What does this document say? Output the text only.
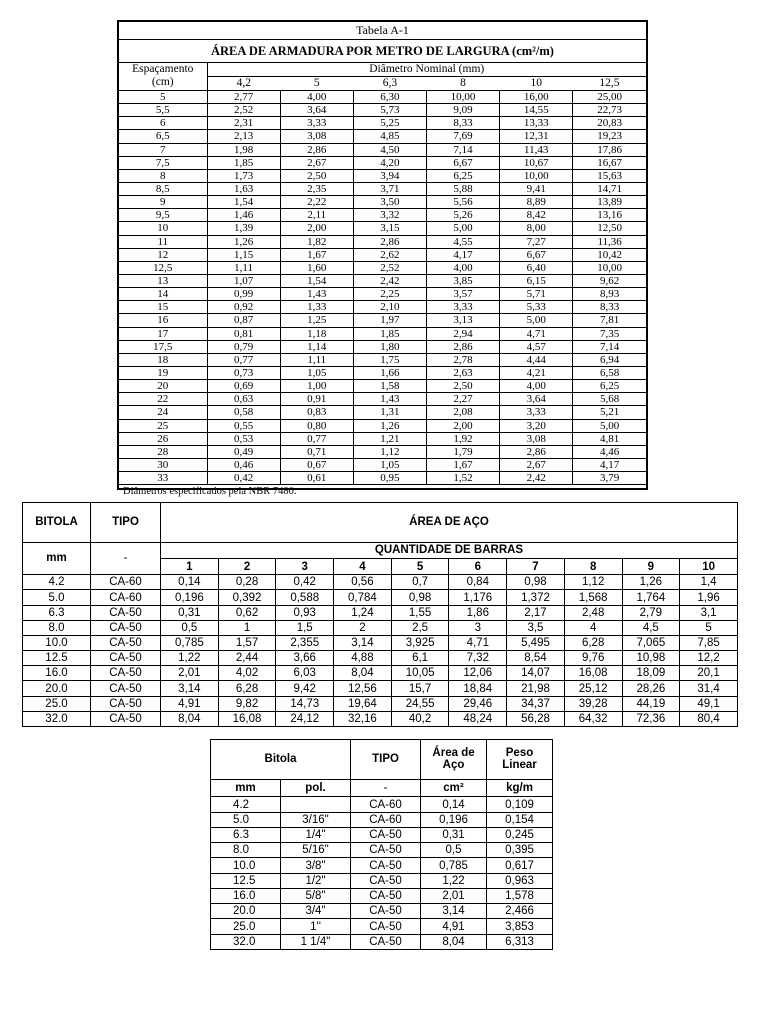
Tabela A-1						
ÁREA DE ARMADURA POR METRO DE LARGURA (cm²/m)						

Espaçamento
(cm)	Diâmetro Nominal (mm)					
	4,2	5	6,3	8	10	12,5
5	2,77	4,00	6,30	10,00	16,00	25,00
5,5	2,52	3,64	5,73	9,09	14,55	22,73
6	2,31	3,33	5,25	8,33	13,33	20,83
6,5	2,13	3,08	4,85	7,69	12,31	19,23
7	1,98	2,86	4,50	7,14	11,43	17,86
7,5	1,85	2,67	4,20	6,67	10,67	16,67
8	1,73	2,50	3,94	6,25	10,00	15,63
8,5	1,63	2,35	3,71	5,88	9,41	14,71
9	1,54	2,22	3,50	5,56	8,89	13,89
9,5	1,46	2,11	3,32	5,26	8,42	13,16
10	1,39	2,00	3,15	5,00	8,00	12,50
11	1,26	1,82	2,86	4,55	7,27	11,36
12	1,15	1,67	2,62	4,17	6,67	10,42
12,5	1,11	1,60	2,52	4,00	6,40	10,00
13	1,07	1,54	2,42	3,85	6,15	9,62
14	0,99	1,43	2,25	3,57	5,71	8,93
15	0,92	1,33	2,10	3,33	5,33	8,33
16	0,87	1,25	1,97	3,13	5,00	7,81
17	0,81	1,18	1,85	2,94	4,71	7,35
17,5	0,79	1,14	1,80	2,86	4,57	7,14
18	0,77	1,11	1,75	2,78	4,44	6,94
19	0,73	1,05	1,66	2,63	4,21	6,58
20	0,69	1,00	1,58	2,50	4,00	6,25
22	0,63	0,91	1,43	2,27	3,64	5,68
24	0,58	0,83	1,31	2,08	3,33	5,21
25	0,55	0,80	1,26	2,00	3,20	5,00
26	0,53	0,77	1,21	1,92	3,08	4,81
28	0,49	0,71	1,12	1,79	2,86	4,46
30	0,46	0,67	1,05	1,67	2,67	4,17
33	0,42	0,61	0,95	1,52	2,42	3,79
Diâmetros especificados pela NBR 7480.						
BITOLA	TIPO	ÁREA DE AÇO									
mm	-	QUANTIDADE DE BARRAS									
		1	2	3	4	5	6	7	8	9	10
4.2	CA-60	0,14	0,28	0,42	0,56	0,7	0,84	0,98	1,12	1,26	1,4
5.0	CA-60	0,196	0,392	0,588	0,784	0,98	1,176	1,372	1,568	1,764	1,96
6.3	CA-50	0,31	0,62	0,93	1,24	1,55	1,86	2,17	2,48	2,79	3,1
8.0	CA-50	0,5	1	1,5	2	2,5	3	3,5	4	4,5	5
10.0	CA-50	0,785	1,57	2,355	3,14	3,925	4,71	5,495	6,28	7,065	7,85
12.5	CA-50	1,22	2,44	3,66	4,88	6,1	7,32	8,54	9,76	10,98	12,2
16.0	CA-50	2,01	4,02	6,03	8,04	10,05	12,06	14,07	16,08	18,09	20,1
20.0	CA-50	3,14	6,28	9,42	12,56	15,7	18,84	21,98	25,12	28,26	31,4
25.0	CA-50	4,91	9,82	14,73	19,64	24,55	29,46	34,37	39,28	44,19	49,1
32.0	CA-50	8,04	16,08	24,12	32,16	40,2	48,24	56,28	64,32	72,36	80,4
Bitola		TIPO	Área de Aço	Peso Linear
mm	pol.	-	cm²	kg/m
4.2		CA-60	0,14	0,109
5.0	3/16"	CA-60	0,196	0,154
6.3	1/4"	CA-50	0,31	0,245
8.0	5/16"	CA-50	0,5	0,395
10.0	3/8"	CA-50	0,785	0,617
12.5	1/2"	CA-50	1,22	0,963
16.0	5/8"	CA-50	2,01	1,578
20.0	3/4"	CA-50	3,14	2,466
25.0	1''	CA-50	4,91	3,853
32.0	1 1/4"	CA-50	8,04	6,313
